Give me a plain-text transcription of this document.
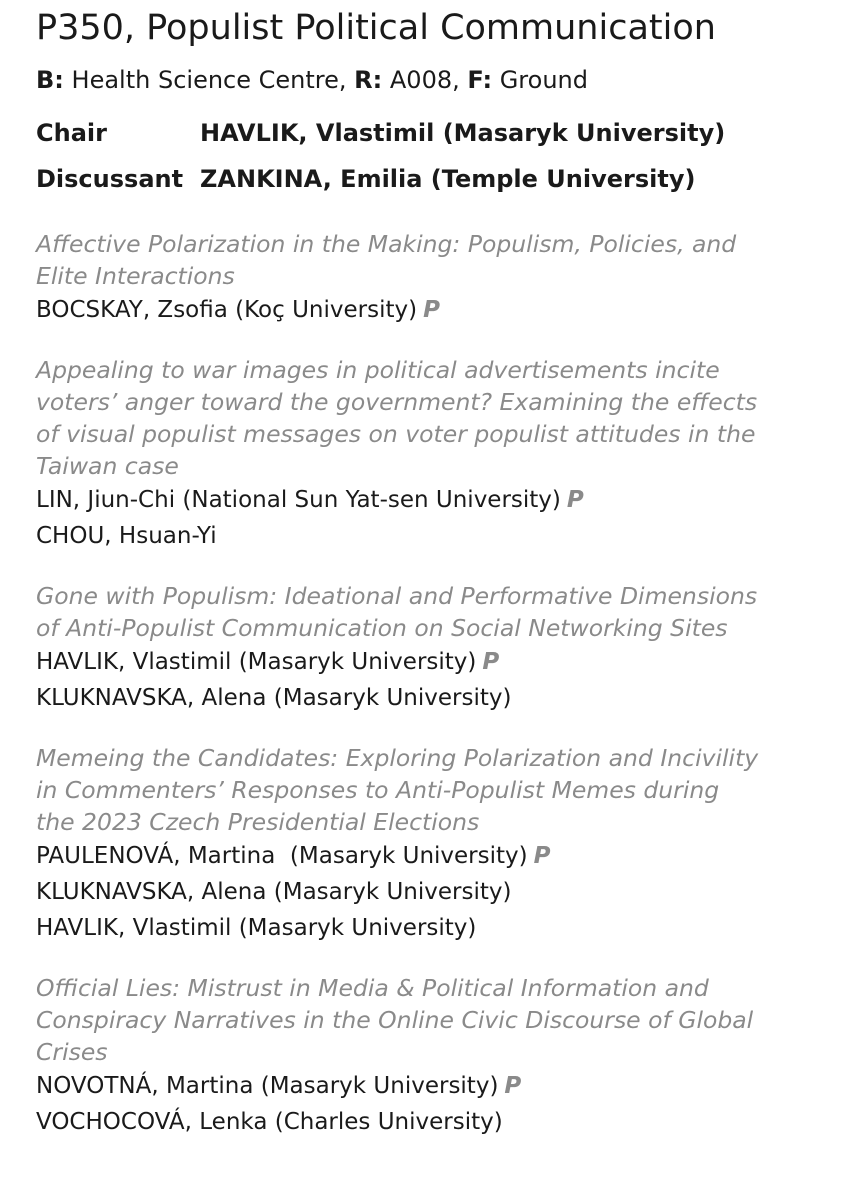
P350, Populist Political Communication
B: Health Science Centre, R: A008, F: Ground
Chair	HAVLIK, Vlastimil (Masaryk University)
Discussant ZANKINA, Emilia (Temple University)
Affective Polarization in the Making: Populism, Policies, and
Elite Interactions
BOCSKAY, Zsofia (Koç University) P
Appealing to war images in political advertisements incite
voters’ anger toward the government? Examining the effects
of visual populist messages on voter populist attitudes in the
Taiwan case
LIN, Jiun-Chi (National Sun Yat-sen University) P
CHOU, Hsuan-Yi
Gone with Populism: Ideational and Performative Dimensions
of Anti-Populist Communication on Social Networking Sites
HAVLIK, Vlastimil (Masaryk University) P
KLUKNAVSKA, Alena (Masaryk University)
Memeing the Candidates: Exploring Polarization and Incivility
in Commenters’ Responses to Anti-Populist Memes during
the 2023 Czech Presidential Elections
PAULENOVÁ, Martina  (Masaryk University) P
KLUKNAVSKA, Alena (Masaryk University)
HAVLIK, Vlastimil (Masaryk University)
Official Lies: Mistrust in Media & Political Information and
Conspiracy Narratives in the Online Civic Discourse of Global
Crises
NOVOTNÁ, Martina (Masaryk University) P
VOCHOCOVÁ, Lenka (Charles University)
